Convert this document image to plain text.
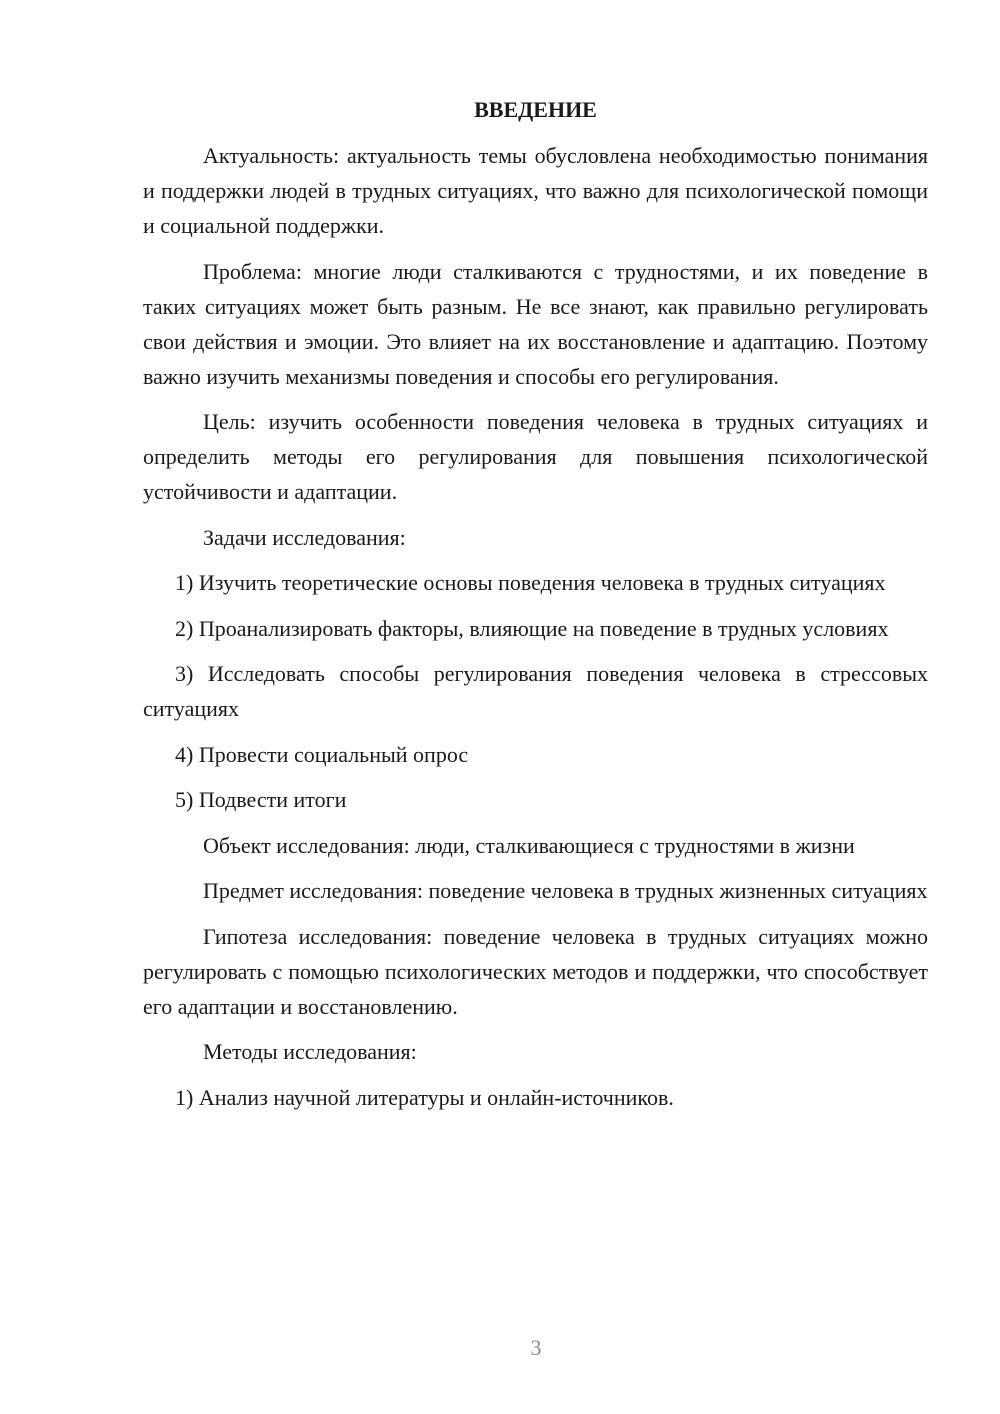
ВВЕДЕНИЕ

Актуальность: актуальность темы обусловлена необходимостью понимания и поддержки людей в трудных ситуациях, что важно для психологической помощи и социальной поддержки.

Проблема: многие люди сталкиваются с трудностями, и их поведение в таких ситуациях может быть разным. Не все знают, как правильно регулировать свои действия и эмоции. Это влияет на их восстановление и адаптацию. Поэтому важно изучить механизмы поведения и способы его регулирования.

Цель: изучить особенности поведения человека в трудных ситуациях и определить методы его регулирования для повышения психологической устойчивости и адаптации.

Задачи исследования:

1) Изучить теоретические основы поведения человека в трудных ситуациях

2) Проанализировать факторы, влияющие на поведение в трудных условиях

3) Исследовать способы регулирования поведения человека в стрессовых ситуациях

4) Провести социальный опрос

5) Подвести итоги

Объект исследования: люди, сталкивающиеся с трудностями в жизни

Предмет исследования: поведение человека в трудных жизненных ситуациях

Гипотеза исследования: поведение человека в трудных ситуациях можно регулировать с помощью психологических методов и поддержки, что способствует его адаптации и восстановлению.

Методы исследования:

1) Анализ научной литературы и онлайн-источников.

3
